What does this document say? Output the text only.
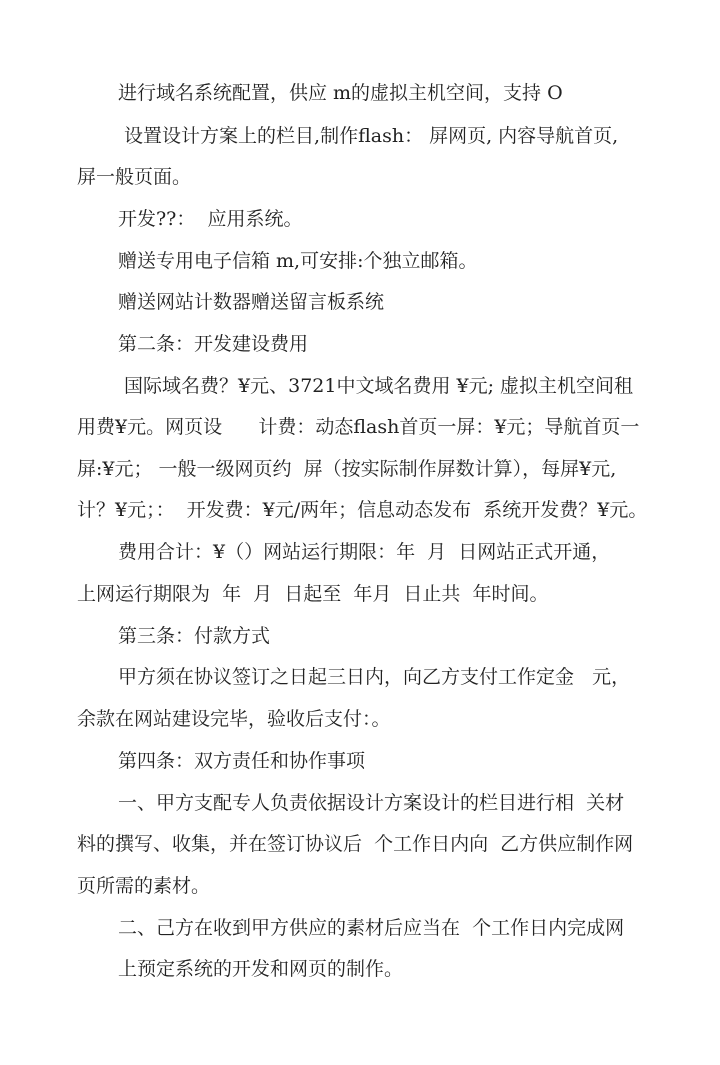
进行域名系统配置，供应 m的虚拟主机空间，支持 O
设置设计方案上的栏目,制作flash： 屏网页, 内容导航首页,
屏一般页面。
开发??：  应用系统。
赠送专用电子信箱 m,可安排:个独立邮箱。
赠送网站计数器赠送留言板系统
第二条：开发建设费用
国际域名费？¥元、3721中文域名费用 ¥元; 虚拟主机空间租
用费¥元。网页设      计费：动态flash首页一屏：¥元；导航首页一
屏:¥元； 一般一级网页约  屏（按实际制作屏数计算），每屏¥元,
计？¥元；：  开发费：¥元/两年；信息动态发布  系统开发费？¥元。
费用合计：¥（）网站运行期限：年  月  日网站正式开通，
上网运行期限为  年  月  日起至  年月  日止共  年时间。
第三条：付款方式
甲方须在协议签订之日起三日内，向乙方支付工作定金   元，
余款在网站建设完毕，验收后支付：。
第四条：双方责任和协作事项
一、甲方支配专人负责依据设计方案设计的栏目进行相  关材
料的撰写、收集，并在签订协议后  个工作日内向  乙方供应制作网
页所需的素材。
二、己方在收到甲方供应的素材后应当在  个工作日内完成网
上预定系统的开发和网页的制作。
